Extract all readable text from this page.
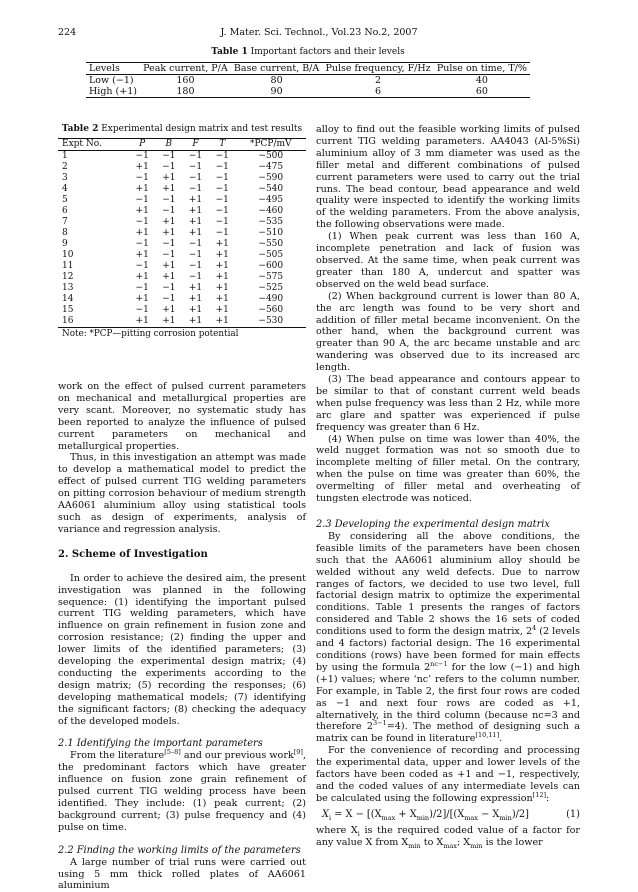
224	J. Mater. Sci. Technol., Vol.23 No.2, 2007
Table 1 Important factors and their levels
Levels	Peak current, P/A	Base current, B/A	Pulse frequency, F/Hz	Pulse on time, T/%
Low (−1)	160	80	2	40
High (+1)	180	90	6	60
Table 2 Experimental design matrix and test results
Expt No.	P	B	F	T	*PCP/mV
1	−1	−1	−1	−1	−500
2	+1	−1	−1	−1	−475
3	−1	+1	−1	−1	−590
4	+1	+1	−1	−1	−540
5	−1	−1	+1	−1	−495
6	+1	−1	+1	−1	−460
7	−1	+1	+1	−1	−535
8	+1	+1	+1	−1	−510
9	−1	−1	−1	+1	−550
10	+1	−1	−1	+1	−505
11	−1	+1	−1	+1	−600
12	+1	+1	−1	+1	−575
13	−1	−1	+1	+1	−525
14	+1	−1	+1	+1	−490
15	−1	+1	+1	+1	−560
16	+1	+1	+1	+1	−530
Note: *PCP—pitting corrosion potential

work on the effect of pulsed current parameters on mechanical and metallurgical properties are very scant. Moreover, no systematic study has been reported to analyze the influence of pulsed current parameters on mechanical and metallurgical properties.

Thus, in this investigation an attempt was made to develop a mathematical model to predict the effect of pulsed current TIG welding parameters on pitting corrosion behaviour of medium strength AA6061 aluminium alloy using statistical tools such as design of experiments, analysis of variance and regression analysis.

2. Scheme of Investigation

In order to achieve the desired aim, the present investigation was planned in the following sequence: (1) identifying the important pulsed current TIG welding parameters, which have influence on grain refinement in fusion zone and corrosion resistance; (2) finding the upper and lower limits of the identified parameters; (3) developing the experimental design matrix; (4) conducting the experiments according to the design matrix; (5) recording the responses; (6) developing mathematical models; (7) identifying the significant factors; (8) checking the adequacy of the developed models.

2.1 Identifying the important parameters

From the literature[5–8] and our previous work[9], the predominant factors which have greater influence on fusion zone grain refinement of pulsed current TIG welding process have been identified. They include: (1) peak current; (2) background current; (3) pulse frequency and (4) pulse on time.

2.2 Finding the working limits of the parameters

A large number of trial runs were carried out using 5 mm thick rolled plates of AA6061 aluminium

alloy to find out the feasible working limits of pulsed current TIG welding parameters. AA4043 (Al-5%Si) aluminium alloy of 3 mm diameter was used as the filler metal and different combinations of pulsed current parameters were used to carry out the trial runs. The bead contour, bead appearance and weld quality were inspected to identify the working limits of the welding parameters. From the above analysis, the following observations were made.

(1) When peak current was less than 160 A, incomplete penetration and lack of fusion was observed. At the same time, when peak current was greater than 180 A, undercut and spatter was observed on the weld bead surface.

(2) When background current is lower than 80 A, the arc length was found to be very short and addition of filler metal became inconvenient. On the other hand, when the background current was greater than 90 A, the arc became unstable and arc wandering was observed due to its increased arc length.

(3) The bead appearance and contours appear to be similar to that of constant current weld beads when pulse frequency was less than 2 Hz, while more arc glare and spatter was experienced if pulse frequency was greater than 6 Hz.

(4) When pulse on time was lower than 40%, the weld nugget formation was not so smooth due to incomplete melting of filler metal. On the contrary, when the pulse on time was greater than 60%, the overmelting of filler metal and overheating of tungsten electrode was noticed.

2.3 Developing the experimental design matrix

By considering all the above conditions, the feasible limits of the parameters have been chosen such that the AA6061 aluminium alloy should be welded without any weld defects. Due to narrow ranges of factors, we decided to use two level, full factorial design matrix to optimize the experimental conditions. Table 1 presents the ranges of factors considered and Table 2 shows the 16 sets of coded conditions used to form the design matrix, $2^4$ (2 levels and 4 factors) factorial design. The 16 experimental conditions (rows) have been formed for main effects by using the formula $2^{nc-1}$ for the low (−1) and high (+1) values; where ‘nc’ refers to the column number. For example, in Table 2, the first four rows are coded as −1 and next four rows are coded as +1, alternatively, in the third column (because nc=3 and therefore $2^{3-1}=4$). The method of designing such a matrix can be found in literature[10,11].

For the convenience of recording and processing the experimental data, upper and lower levels of the factors have been coded as +1 and −1, respectively, and the coded values of any intermediate levels can be calculated using the following expression[12]:

$X_i = X - [(X_{max} + X_{min})/2]/[(X_{max} - X_{min})/2]$	(1)

where $X_i$ is the required coded value of a factor for any value X from $X_{min}$ to $X_{max}$; $X_{min}$ is the lower
